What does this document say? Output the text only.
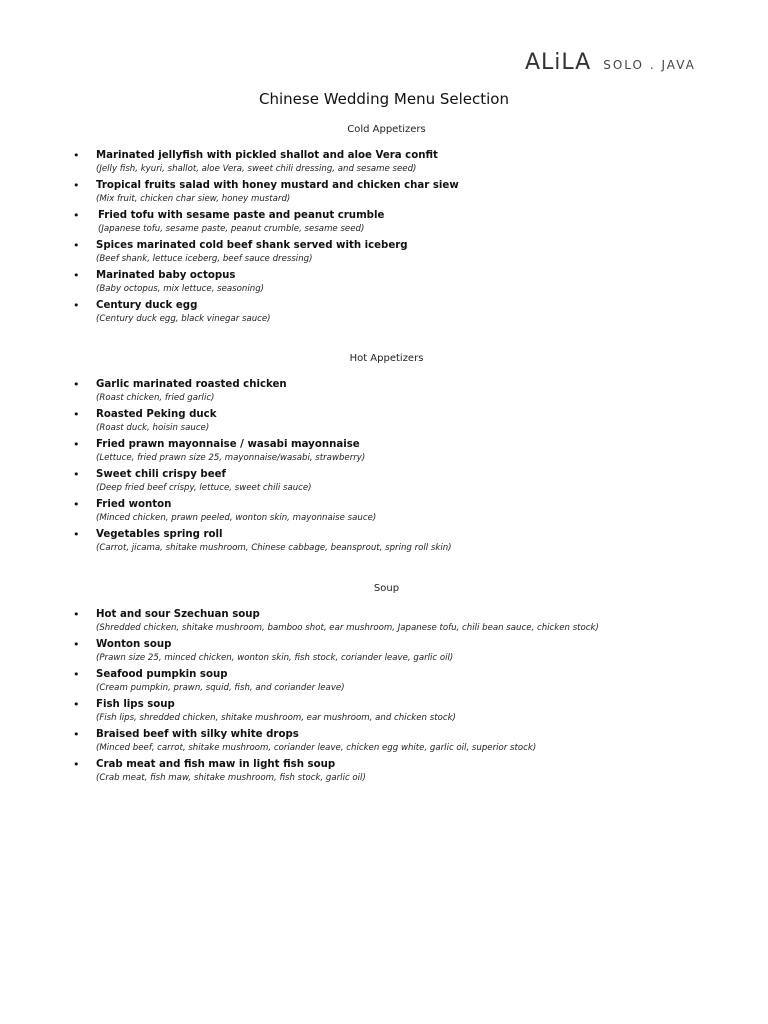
ALiLA SOLO . JAVA
Chinese Wedding Menu Selection
Cold Appetizers
• Marinated jellyfish with pickled shallot and aloe Vera confit
(Jelly fish, kyuri, shallot, aloe Vera, sweet chili dressing, and sesame seed)
• Tropical fruits salad with honey mustard and chicken char siew
(Mix fruit, chicken char siew, honey mustard)
• Fried tofu with sesame paste and peanut crumble
(Japanese tofu, sesame paste, peanut crumble, sesame seed)
• Spices marinated cold beef shank served with iceberg
(Beef shank, lettuce iceberg, beef sauce dressing)
• Marinated baby octopus
(Baby octopus, mix lettuce, seasoning)
• Century duck egg
(Century duck egg, black vinegar sauce)
Hot Appetizers
• Garlic marinated roasted chicken
(Roast chicken, fried garlic)
• Roasted Peking duck
(Roast duck, hoisin sauce)
• Fried prawn mayonnaise / wasabi mayonnaise
(Lettuce, fried prawn size 25, mayonnaise/wasabi, strawberry)
• Sweet chili crispy beef
(Deep fried beef crispy, lettuce, sweet chili sauce)
• Fried wonton
(Minced chicken, prawn peeled, wonton skin, mayonnaise sauce)
• Vegetables spring roll
(Carrot, jicama, shitake mushroom, Chinese cabbage, beansprout, spring roll skin)
Soup
• Hot and sour Szechuan soup
(Shredded chicken, shitake mushroom, bamboo shot, ear mushroom, Japanese tofu, chili bean sauce, chicken stock)
• Wonton soup
(Prawn size 25, minced chicken, wonton skin, fish stock, coriander leave, garlic oil)
• Seafood pumpkin soup
(Cream pumpkin, prawn, squid, fish, and coriander leave)
• Fish lips soup
(Fish lips, shredded chicken, shitake mushroom, ear mushroom, and chicken stock)
• Braised beef with silky white drops
(Minced beef, carrot, shitake mushroom, coriander leave, chicken egg white, garlic oil, superior stock)
• Crab meat and fish maw in light fish soup
(Crab meat, fish maw, shitake mushroom, fish stock, garlic oil)
